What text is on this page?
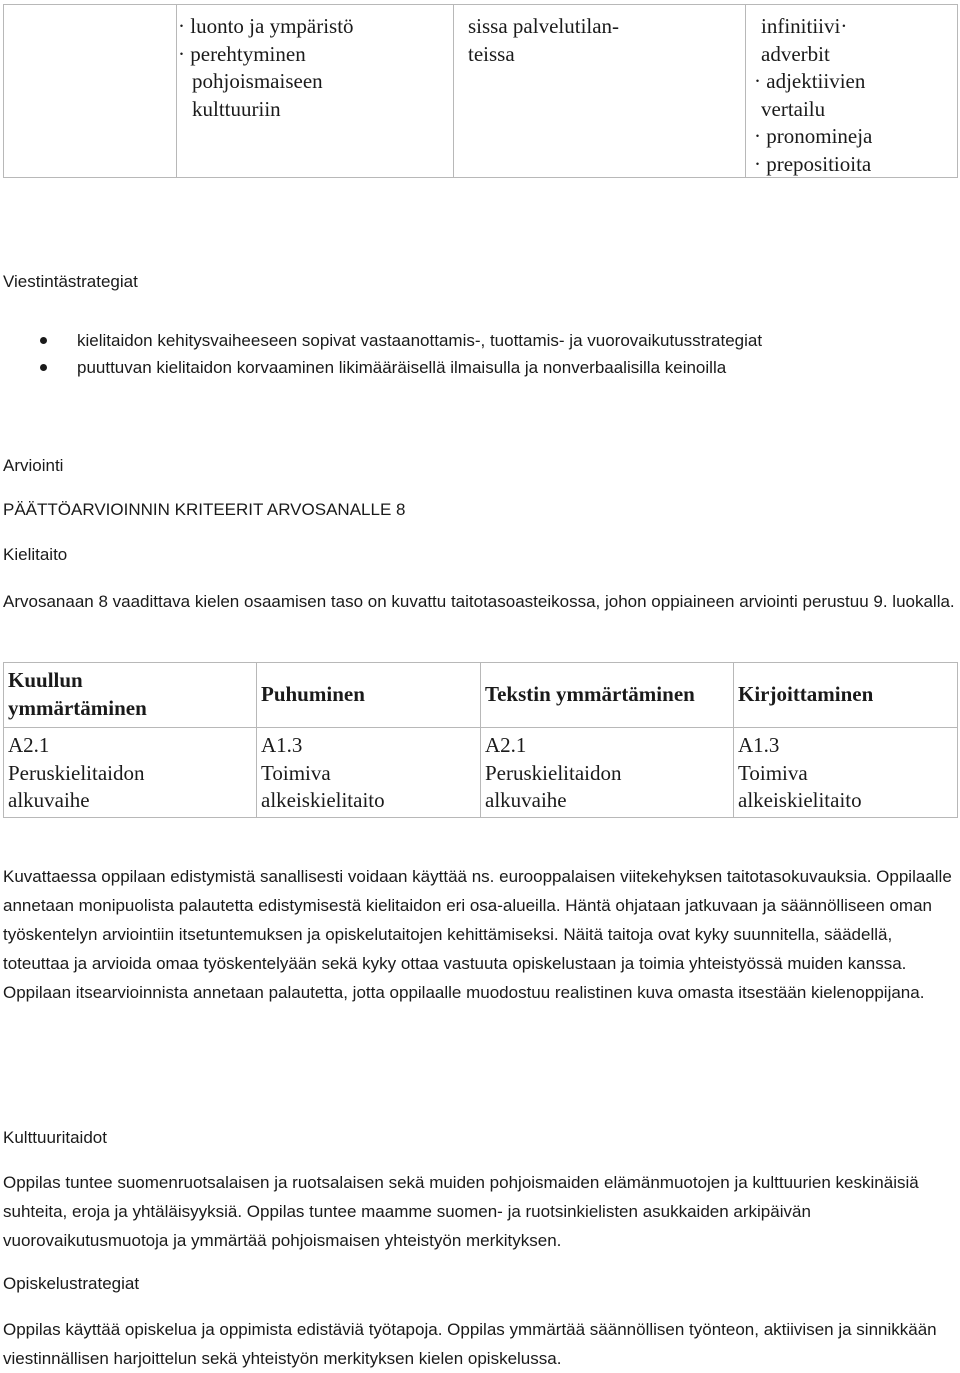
· luonto ja ympäristö
· perehtyminen
pohjoismaiseen
kulttuuriin
sissa palvelutilan-
teissa
infinitiivi·
adverbit
· adjektiivien
vertailu
· pronomineja
· prepositioita
Viestintästrategiat
kielitaidon kehitysvaiheeseen sopivat vastaanottamis-, tuottamis- ja vuorovaikutusstrategiat
puuttuvan kielitaidon korvaaminen likimääräisellä ilmaisulla ja nonverbaalisilla keinoilla
Arviointi
PÄÄTTÖARVIOINNIN KRITEERIT ARVOSANALLE 8
Kielitaito

Arvosanaan 8 vaadittava kielen osaamisen taso on kuvattu taitotasoasteikossa, johon oppiaineen arviointi perustuu 9. luokalla.

Kuullun ymmärtäminen
Puhuminen	Tekstin ymmärtäminen	Kirjoittaminen
A2.1
Peruskielitaidon
alkuvaihe
A1.3
Toimiva
alkeiskielitaito
A2.1
Peruskielitaidon
alkuvaihe
A1.3
Toimiva
alkeiskielitaito

Kuvattaessa oppilaan edistymistä sanallisesti voidaan käyttää ns. eurooppalaisen viitekehyksen taitotasokuvauksia. Oppilaalle annetaan monipuolista palautetta edistymisestä kielitaidon eri osa-alueilla. Häntä ohjataan jatkuvaan ja säännölliseen oman työskentelyn arviointiin itsetuntemuksen ja opiskelutaitojen kehittämiseksi. Näitä taitoja ovat kyky suunnitella, säädellä, toteuttaa ja arvioida omaa työskentelyään sekä kyky ottaa vastuuta opiskelustaan ja toimia yhteistyössä muiden kanssa. Oppilaan itsearvioinnista annetaan palautetta, jotta oppilaalle muodostuu realistinen kuva omasta itsestään kielenoppijana.

Kulttuuritaidot

Oppilas tuntee suomenruotsalaisen ja ruotsalaisen sekä muiden pohjoismaiden elämänmuotojen ja kulttuurien keskinäisiä suhteita, eroja ja yhtäläisyyksiä. Oppilas tuntee maamme suomen- ja ruotsinkielisten asukkaiden arkipäivän vuorovaikutusmuotoja ja ymmärtää pohjoismaisen yhteistyön merkityksen.

Opiskelustrategiat

Oppilas käyttää opiskelua ja oppimista edistäviä työtapoja. Oppilas ymmärtää säännöllisen työnteon, aktiivisen ja sinnikkään viestinnällisen harjoittelun sekä yhteistyön merkityksen kielen opiskelussa.
